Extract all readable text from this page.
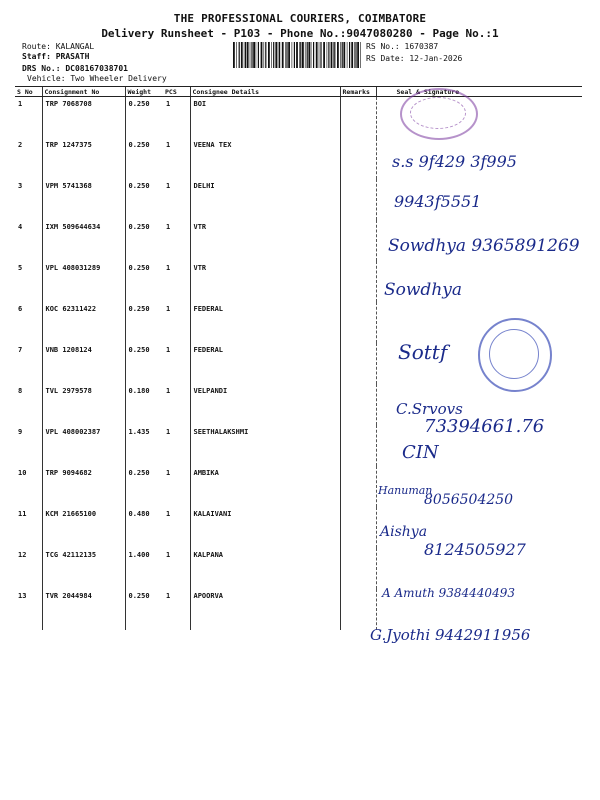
THE PROFESSIONAL COURIERS, COIMBATORE
Delivery Runsheet - P103 - Phone No.:9047080280 - Page No.:1
Route: KALANGAL
Staff: PRASATH
DRS No.: DC08167038701
Vehicle: Two Wheeler Delivery
RS No.: 1670387
RS Date: 12-Jan-2026
S No	Consignment No	Weight	PCS	Consignee Details	Remarks	Seal & Signature
1	TRP 7068708	0.250	1	BOI		
2	TRP 1247375	0.250	1	VEENA TEX		
3	VPM 5741368	0.250	1	DELHI		
4	IXM 509644634	0.250	1	VTR		
5	VPL 408031289	0.250	1	VTR		
6	KOC 62311422	0.250	1	FEDERAL		
7	VNB 1208124	0.250	1	FEDERAL		
8	TVL 2979578	0.180	1	VELPANDI		
9	VPL 408002387	1.435	1	SEETHALAKSHMI		
10	TRP 9094682	0.250	1	AMBIKA		
11	KCM 21665100	0.480	1	KALAIVANI		
12	TCG 42112135	1.400	1	KALPANA		
13	TVR 2044984	0.250	1	APOORVA		
s.s 9f429 3f995
9943f5551
Sowdhya 9365891269
Sowdhya
Sottf
C.Srvovs
73394661.76
CIN
Hanuman
8056504250
Aishya
8124505927
A Amuth 9384440493
G.Jyothi 9442911956
